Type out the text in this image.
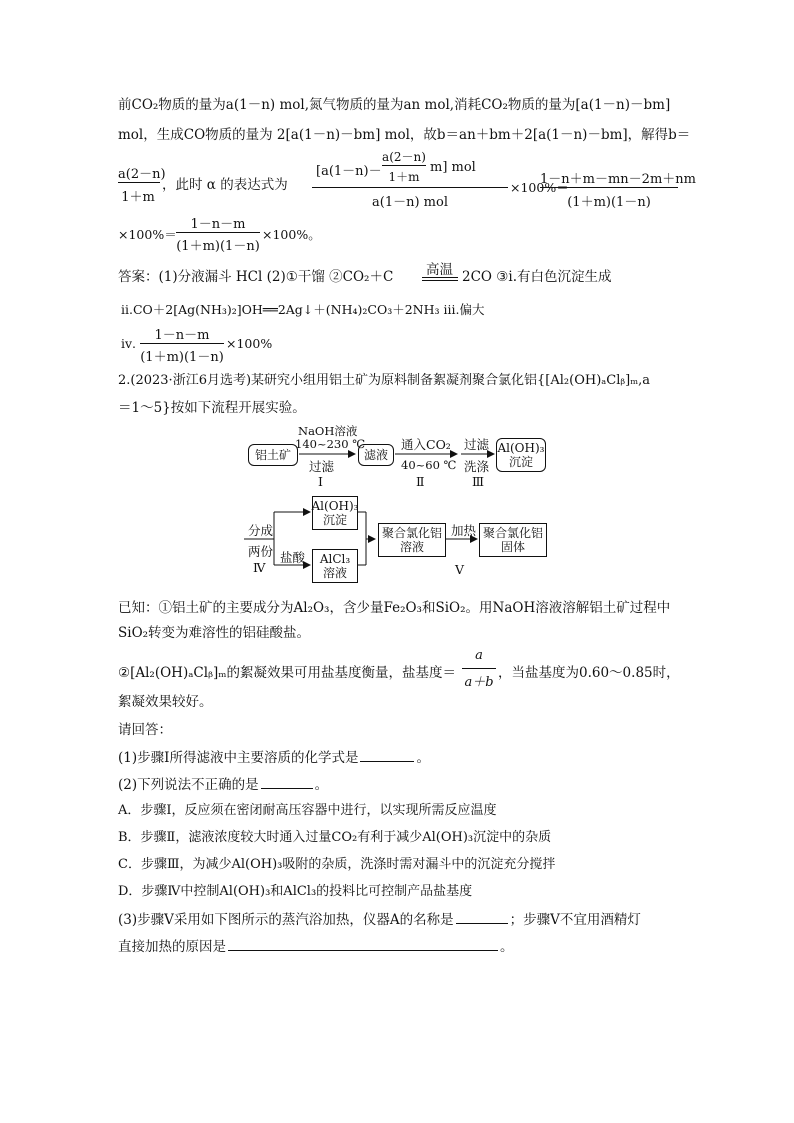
前CO₂物质的量为a(1－n) mol,氮气物质的量为an mol,消耗CO₂物质的量为[a(1－n)－bm]
mol，生成CO物质的量为 2[a(1－n)－bm] mol，故b＝an＋bm＋2[a(1－n)－bm]，解得b＝
a(2－n)
1＋m
，此时 α 的表达式为
[a(1－n)－
a(2－n)
1＋m
m] mol
a(1－n) mol
×100%＝
1－n＋m－mn－2m＋nm
(1＋m)(1－n)
×100%＝
1－n－m
(1＋m)(1－n)
×100%。
答案：(1)分液漏斗 HCl (2)①干馏 ②CO₂＋C 高温 2CO ③ⅰ.有白色沉淀生成
ⅱ.CO＋2[Ag(NH₃)₂]OH══2Ag↓＋(NH₄)₂CO₃＋2NH₃ ⅲ.偏大
ⅳ.
1－n－m
(1＋m)(1－n)
×100%
2.(2023·浙江6月选考)某研究小组用铝土矿为原料制备絮凝剂聚合氯化铝{[Al₂(OH)ₐClᵦ]ₘ,a
＝1～5}按如下流程开展实验。
铝土矿	滤液	Al(OH)₃
沉淀
NaOH溶液
140~230 ℃
过滤
Ⅰ
通入CO₂
40~60 ℃
Ⅱ
过滤
洗涤
Ⅲ
分成
两份
Ⅳ
盐酸
Al(OH)₃
沉淀
AlCl₃
溶液
聚合氯化铝
溶液
聚合氯化铝
固体
加热
Ⅴ
已知：①铝土矿的主要成分为Al₂O₃，含少量Fe₂O₃和SiO₂。用NaOH溶液溶解铝土矿过程中
SiO₂转变为难溶性的铝硅酸盐。
②[Al₂(OH)ₐClᵦ]ₘ的絮凝效果可用盐基度衡量，盐基度＝
a
a＋b
，当盐基度为0.60～0.85时，
絮凝效果较好。
请回答：
(1)步骤Ⅰ所得滤液中主要溶质的化学式是	。
(2)下列说法不正确的是	。
A．步骤Ⅰ，反应须在密闭耐高压容器中进行，以实现所需反应温度
B．步骤Ⅱ，滤液浓度较大时通入过量CO₂有利于减少Al(OH)₃沉淀中的杂质
C．步骤Ⅲ，为减少Al(OH)₃吸附的杂质，洗涤时需对漏斗中的沉淀充分搅拌
D．步骤Ⅳ中控制Al(OH)₃和AlCl₃的投料比可控制产品盐基度
(3)步骤Ⅴ采用如下图所示的蒸汽浴加热，仪器A的名称是	；步骤Ⅴ不宜用酒精灯
直接加热的原因是	。
